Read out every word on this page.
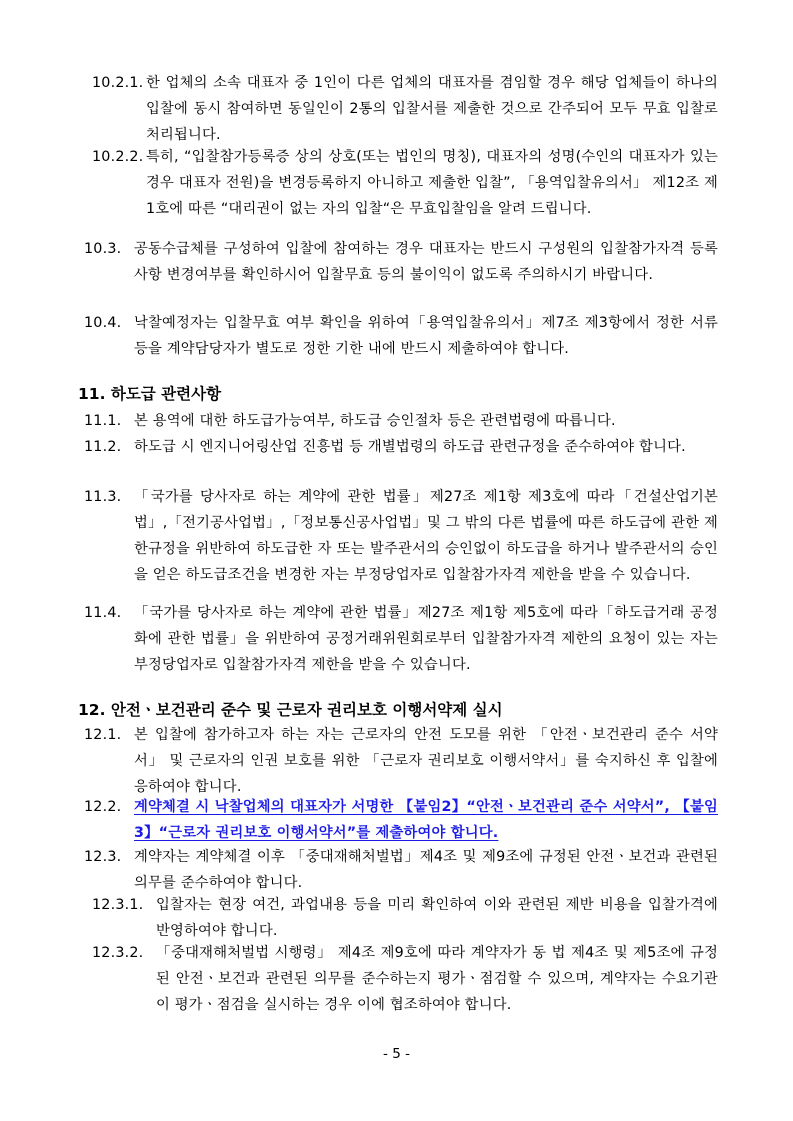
10.2.1. 한 업체의 소속 대표자 중 1인이 다른 업체의 대표자를 겸임할 경우 해당 업체들이 하나의 입찰에 동시 참여하면 동일인이 2통의 입찰서를 제출한 것으로 간주되어 모두 무효 입찰로 처리됩니다.
10.2.2. 특히, “입찰참가등록증 상의 상호(또는 법인의 명칭), 대표자의 성명(수인의 대표자가 있는 경우 대표자 전원)을 변경등록하지 아니하고 제출한 입찰”, 「용역입찰유의서」 제12조 제1호에 따른 “대리권이 없는 자의 입찰“은 무효입찰임을 알려 드립니다.
10.3. 공동수급체를 구성하여 입찰에 참여하는 경우 대표자는 반드시 구성원의 입찰참가자격 등록사항 변경여부를 확인하시어 입찰무효 등의 불이익이 없도록 주의하시기 바랍니다.
10.4. 낙찰예정자는 입찰무효 여부 확인을 위하여「용역입찰유의서」제7조 제3항에서 정한 서류 등을 계약담당자가 별도로 정한 기한 내에 반드시 제출하여야 합니다.
11. 하도급 관련사항
11.1. 본 용역에 대한 하도급가능여부, 하도급 승인절차 등은 관련법령에 따릅니다.
11.2. 하도급 시 엔지니어링산업 진흥법 등 개별법령의 하도급 관련규정을 준수하여야 합니다.
11.3. 「국가를 당사자로 하는 계약에 관한 법률」제27조 제1항 제3호에 따라「건설산업기본법」,「전기공사업법」,「정보통신공사업법」및 그 밖의 다른 법률에 따른 하도급에 관한 제한규정을 위반하여 하도급한 자 또는 발주관서의 승인없이 하도급을 하거나 발주관서의 승인을 얻은 하도급조건을 변경한 자는 부정당업자로 입찰참가자격 제한을 받을 수 있습니다.
11.4. 「국가를 당사자로 하는 계약에 관한 법률」제27조 제1항 제5호에 따라「하도급거래 공정화에 관한 법률」을 위반하여 공정거래위원회로부터 입찰참가자격 제한의 요청이 있는 자는 부정당업자로 입찰참가자격 제한을 받을 수 있습니다.
12. 안전ㆍ보건관리 준수 및 근로자 권리보호 이행서약제 실시
12.1. 본 입찰에 참가하고자 하는 자는 근로자의 안전 도모를 위한 「안전ㆍ보건관리 준수 서약서」 및 근로자의 인권 보호를 위한 「근로자 권리보호 이행서약서」를 숙지하신 후 입찰에 응하여야 합니다.
12.2. 계약체결 시 낙찰업체의 대표자가 서명한 【붙임2】“안전ㆍ보건관리 준수 서약서”, 【붙임3】“근로자 권리보호 이행서약서”를 제출하여야 합니다.
12.3. 계약자는 계약체결 이후 「중대재해처벌법」제4조 및 제9조에 규정된 안전ㆍ보건과 관련된 의무를 준수하여야 합니다.
12.3.1. 입찰자는 현장 여건, 과업내용 등을 미리 확인하여 이와 관련된 제반 비용을 입찰가격에 반영하여야 합니다.
12.3.2. 「중대재해처벌법 시행령」 제4조 제9호에 따라 계약자가 동 법 제4조 및 제5조에 규정된 안전ㆍ보건과 관련된 의무를 준수하는지 평가ㆍ점검할 수 있으며, 계약자는 수요기관이 평가ㆍ점검을 실시하는 경우 이에 협조하여야 합니다.
- 5 -
